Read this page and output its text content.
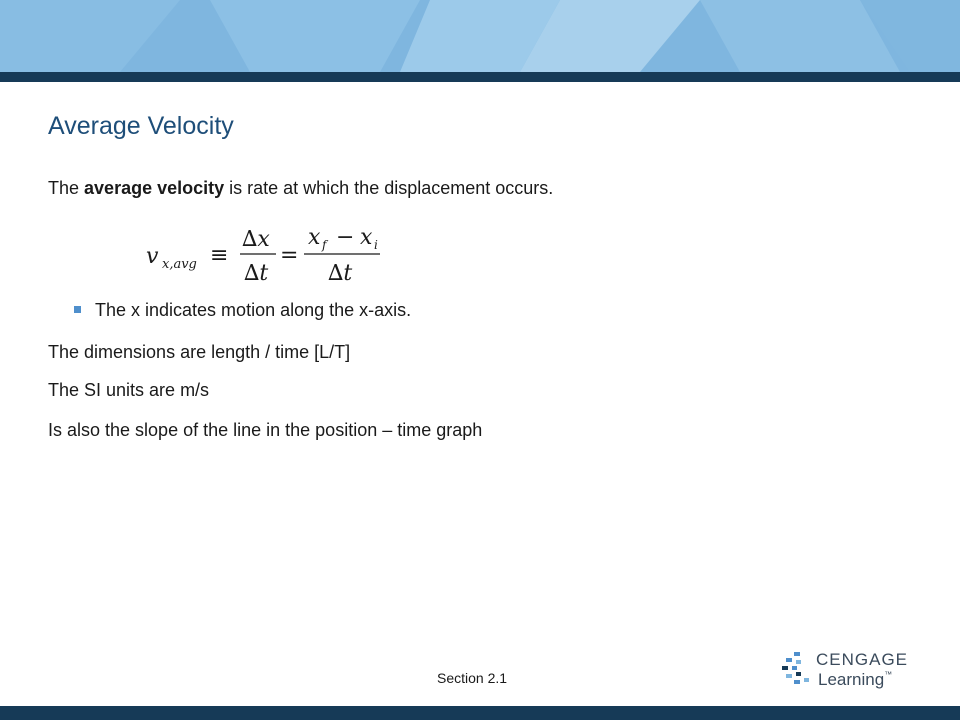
Average Velocity

The average velocity is rate at which the displacement occurs.

v x,avg ≡
∆x
∆t
=
x f − x i
∆t
The x indicates motion along the x-axis.

The dimensions are length / time [L/T]

The SI units are m/s

Is also the slope of the line in the position – time graph

Section 2.1
CENGAGE
Learning™
